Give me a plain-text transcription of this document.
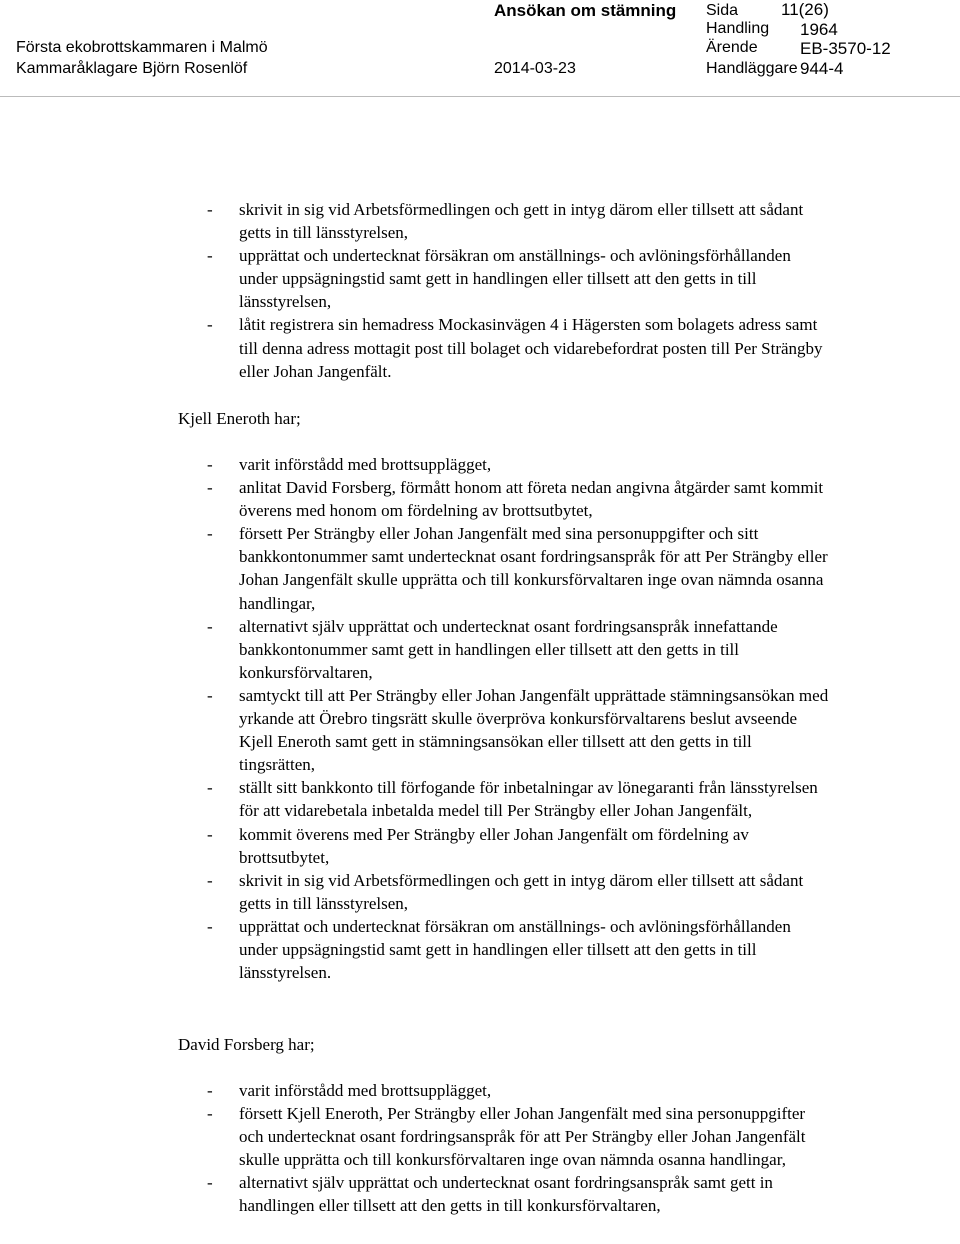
Ansökan om stämning
Första ekobrottskammaren i Malmö
Kammaråklagare Björn Rosenlöf	2014-03-23
Sida	11(26)
Handling 1964
Ärende EB-3570-12
Handläggare 944-4
- skrivit in sig vid Arbetsförmedlingen och gett in intyg därom eller tillsett att sådant getts in till länsstyrelsen,
- upprättat och undertecknat försäkran om anställnings- och avlöningsförhållanden under uppsägningstid samt gett in handlingen eller tillsett att den getts in till länsstyrelsen,
- låtit registrera sin hemadress Mockasinvägen 4 i Hägersten som bolagets adress samt till denna adress mottagit post till bolaget och vidarebefordrat posten till Per Strängby eller Johan Jangenfält.
Kjell Eneroth har;
- varit införstådd med brottsupplägget,
- anlitat David Forsberg, förmått honom att företa nedan angivna åtgärder samt kommit överens med honom om fördelning av brottsutbytet,
- försett Per Strängby eller Johan Jangenfält med sina personuppgifter och sitt bankkontonummer samt undertecknat osant fordringsanspråk för att Per Strängby eller Johan Jangenfält skulle upprätta och till konkursförvaltaren inge ovan nämnda osanna handlingar,
- alternativt själv upprättat och undertecknat osant fordringsanspråk innefattande bankkontonummer samt gett in handlingen eller tillsett att den getts in till konkursförvaltaren,
- samtyckt till att Per Strängby eller Johan Jangenfält upprättade stämningsansökan med yrkande att Örebro tingsrätt skulle överpröva konkursförvaltarens beslut avseende Kjell Eneroth samt gett in stämningsansökan eller tillsett att den getts in till tingsrätten,
- ställt sitt bankkonto till förfogande för inbetalningar av lönegaranti från länsstyrelsen för att vidarebetala inbetalda medel till Per Strängby eller Johan Jangenfält,
- kommit överens med Per Strängby eller Johan Jangenfält om fördelning av brottsutbytet,
- skrivit in sig vid Arbetsförmedlingen och gett in intyg därom eller tillsett att sådant getts in till länsstyrelsen,
- upprättat och undertecknat försäkran om anställnings- och avlöningsförhållanden under uppsägningstid samt gett in handlingen eller tillsett att den getts in till länsstyrelsen.
David Forsberg har;
- varit införstådd med brottsupplägget,
- försett Kjell Eneroth, Per Strängby eller Johan Jangenfält med sina personuppgifter och undertecknat osant fordringsanspråk för att Per Strängby eller Johan Jangenfält skulle upprätta och till konkursförvaltaren inge ovan nämnda osanna handlingar,
- alternativt själv upprättat och undertecknat osant fordringsanspråk samt gett in handlingen eller tillsett att den getts in till konkursförvaltaren,
